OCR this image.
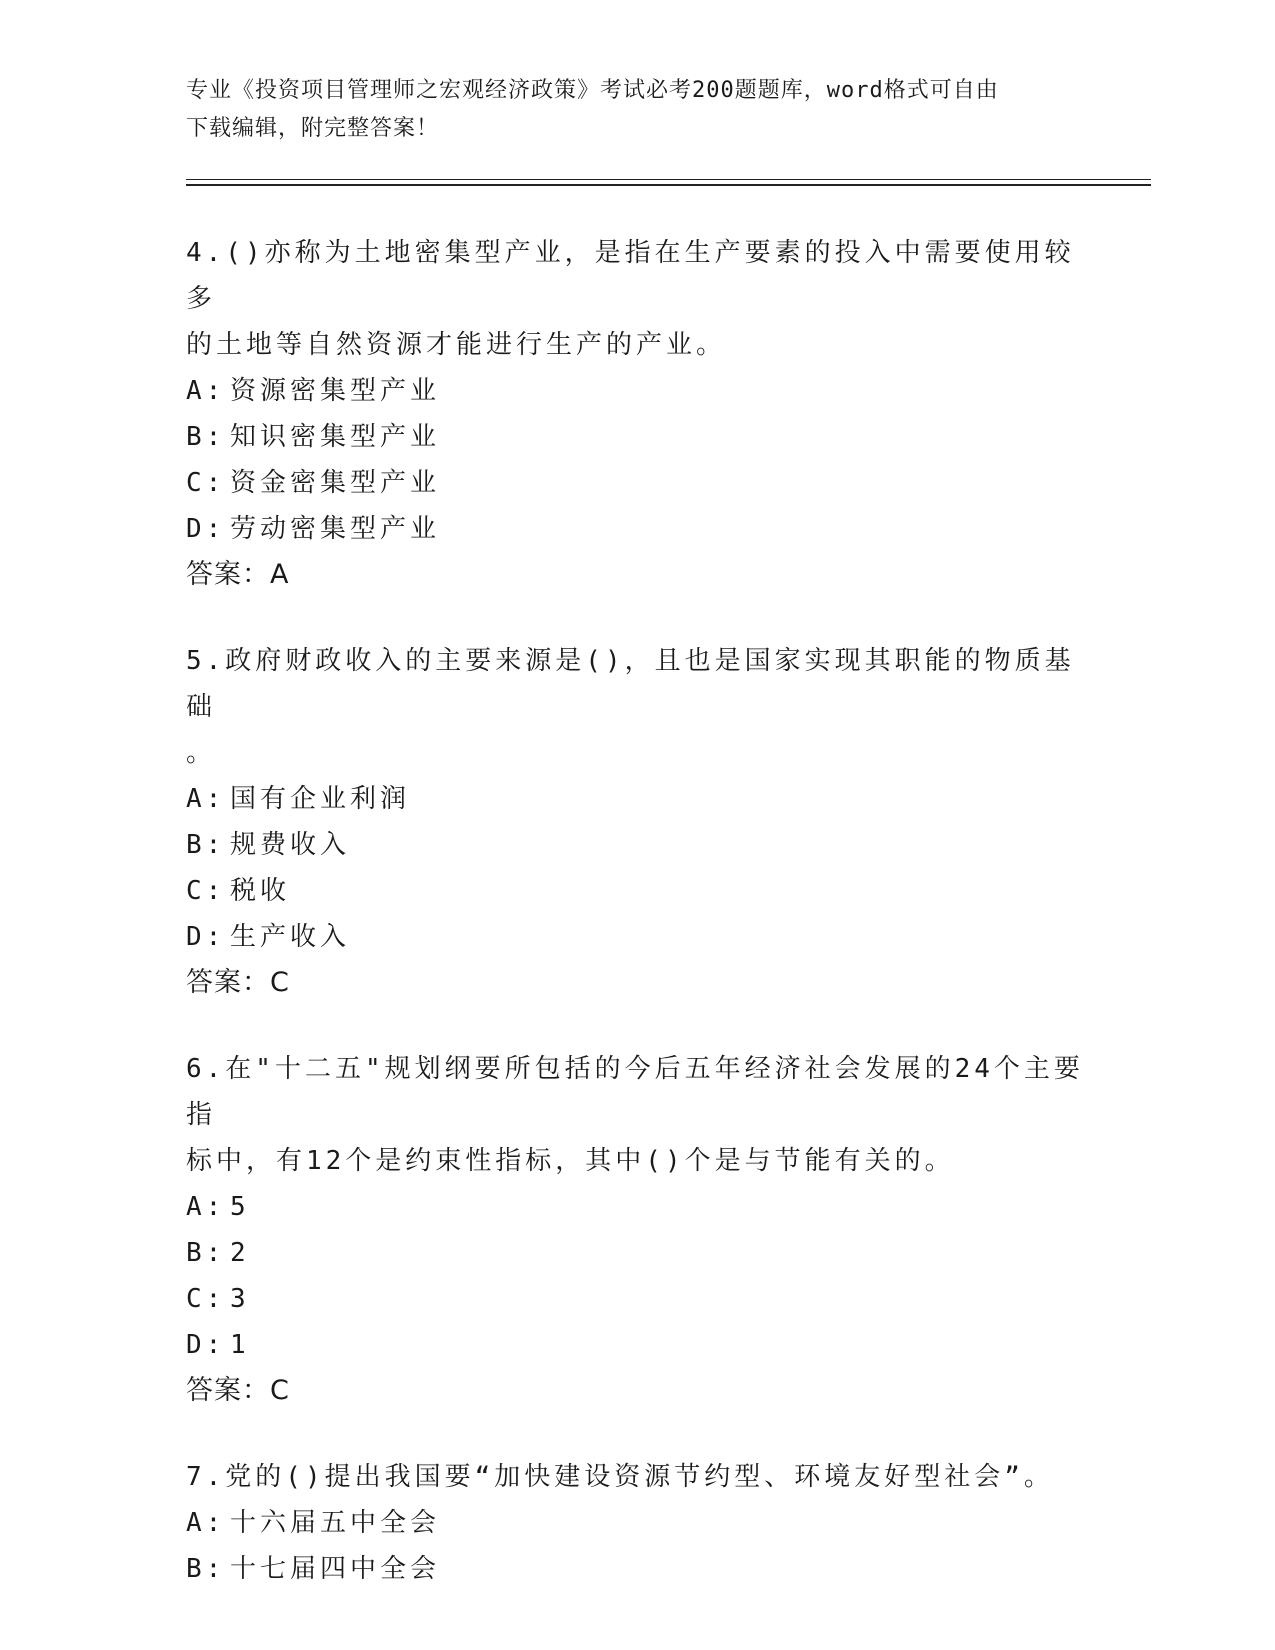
专业《投资项目管理师之宏观经济政策》考试必考200题题库，word格式可自由
下载编辑，附完整答案！

4.()亦称为土地密集型产业，是指在生产要素的投入中需要使用较多
的土地等自然资源才能进行生产的产业。

A: 资源密集型产业
B: 知识密集型产业
C: 资金密集型产业
D: 劳动密集型产业
答案：A

5.政府财政收入的主要来源是()，且也是国家实现其职能的物质基础
。

A: 国有企业利润
B: 规费收入
C: 税收
D: 生产收入
答案：C

6.在"十二五"规划纲要所包括的今后五年经济社会发展的24个主要指
标中，有12个是约束性指标，其中()个是与节能有关的。

A: 5
B: 2
C: 3
D: 1
答案：C

7.党的()提出我国要“加快建设资源节约型、环境友好型社会”。

A: 十六届五中全会
B: 十七届四中全会
